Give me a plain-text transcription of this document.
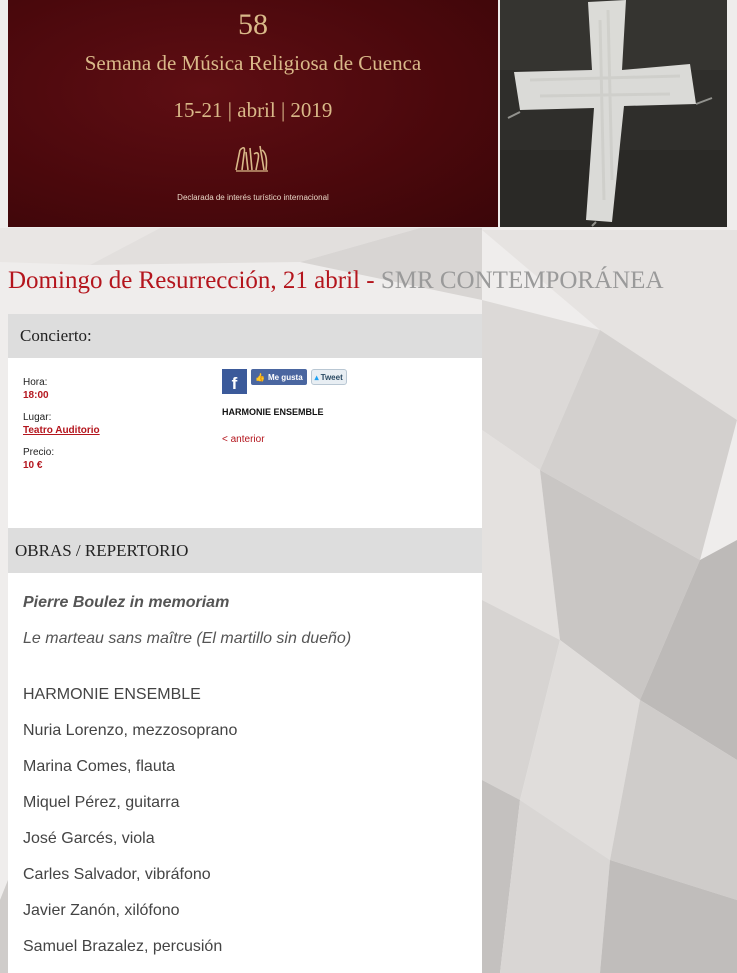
58
Semana de Música Religiosa de Cuenca
15-21 | abril | 2019
Declarada de interés turístico internacional
Domingo de Resurrección, 21 abril - SMR CONTEMPORÁNEA
Concierto:
Hora:
18:00
Lugar:
Teatro Auditorio
Precio:
10 €
f 👍 Me gusta ▴ Tweet
HARMONIE ENSEMBLE
< anterior
OBRAS / REPERTORIO

Pierre Boulez in memoriam

Le marteau sans maître (El martillo sin dueño)

HARMONIE ENSEMBLE

Nuria Lorenzo, mezzosoprano

Marina Comes, flauta

Miquel Pérez, guitarra

José Garcés, viola

Carles Salvador, vibráfono

Javier Zanón, xilófono

Samuel Brazalez, percusión
